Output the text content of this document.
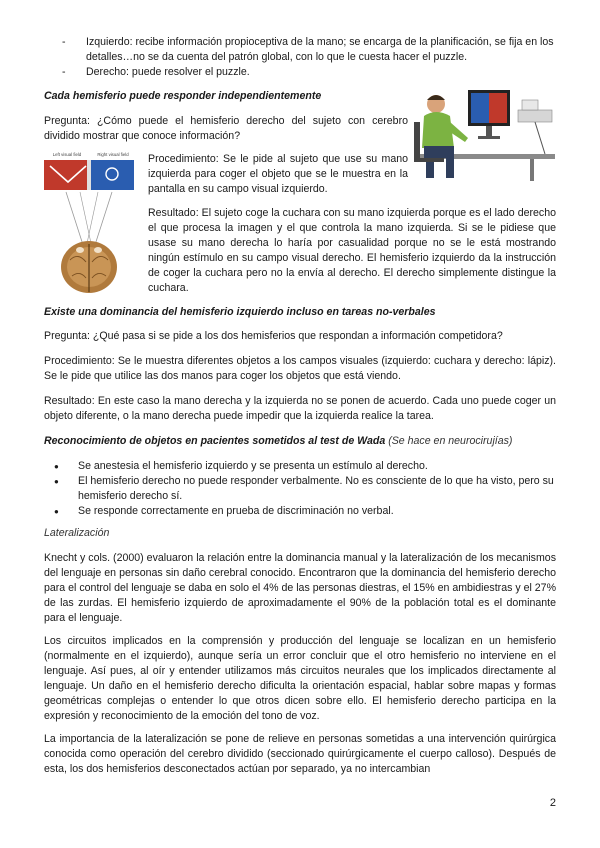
- Izquierdo: recibe información propioceptiva de la mano; se encarga de la planificación, se fija en los detalles…no se da cuenta del patrón global, con lo que le cuesta hacer el puzzle.
- Derecho: puede resolver el puzzle.

Cada hemisferio puede responder independientemente

Pregunta: ¿Cómo puede el hemisferio derecho del sujeto con cerebro dividido mostrar que conoce información?

Left visual field	Right visual field	Procedimiento: Se le pide al sujeto que use su mano izquierda para coger el objeto que se le muestra en la pantalla en su campo visual izquierdo.

Resultado: El sujeto coge la cuchara con su mano izquierda porque es el lado derecho el que procesa la imagen y el que controla la mano izquierda. Si se le pidiese que usase su mano derecha lo haría por casualidad porque no se le está mostrando ningún estímulo en su campo visual derecho. El hemisferio izquierdo da la instrucción de coger la cuchara pero no la envía al derecho. El derecho simplemente distingue la cuchara.

Existe una dominancia del hemisferio izquierdo incluso en tareas no-verbales

Pregunta: ¿Qué pasa si se pide a los dos hemisferios que respondan a información competidora?

Procedimiento: Se le muestra diferentes objetos a los campos visuales (izquierdo: cuchara y derecho: lápiz). Se le pide que utilice las dos manos para coger los objetos que está viendo.

Resultado: En este caso la mano derecha y la izquierda no se ponen de acuerdo. Cada uno puede coger un objeto diferente, o la mano derecha puede impedir que la izquierda realice la tarea.

Reconocimiento de objetos en pacientes sometidos al test de Wada (Se hace en neurocirujías)

● Se anestesia el hemisferio izquierdo y se presenta un estímulo al derecho.
● El hemisferio derecho no puede responder verbalmente. No es consciente de lo que ha visto, pero su hemisferio derecho sí.
● Se responde correctamente en prueba de discriminación no verbal.

Lateralización

Knecht y cols. (2000) evaluaron la relación entre la dominancia manual y la lateralización de los mecanismos del lenguaje en personas sin daño cerebral conocido. Encontraron que la dominancia del hemisferio derecho para el control del lenguaje se daba en solo el 4% de las personas diestras, el 15% en ambidiestras y el 27% de las zurdas. El hemisferio izquierdo de aproximadamente el 90% de la población total es el dominante para el lenguaje.

Los circuitos implicados en la comprensión y producción del lenguaje se localizan en un hemisferio (normalmente en el izquierdo), aunque sería un error concluir que el otro hemisferio no interviene en el lenguaje. Así pues, al oír y entender utilizamos más circuitos neurales que los implicados directamente al lenguaje. Un daño en el hemisferio derecho dificulta la orientación espacial, hablar sobre mapas y formas geométricas complejas o entender lo que otros dicen sobre ello. El hemisferio derecho participa en la expresión y reconocimiento de la emoción del tono de voz.

La importancia de la lateralización se pone de relieve en personas sometidas a una intervención quirúrgica conocida como operación del cerebro dividido (seccionado quirúrgicamente el cuerpo calloso). Después de esta, los dos hemisferios desconectados actúan por separado, ya no intercambian

2
